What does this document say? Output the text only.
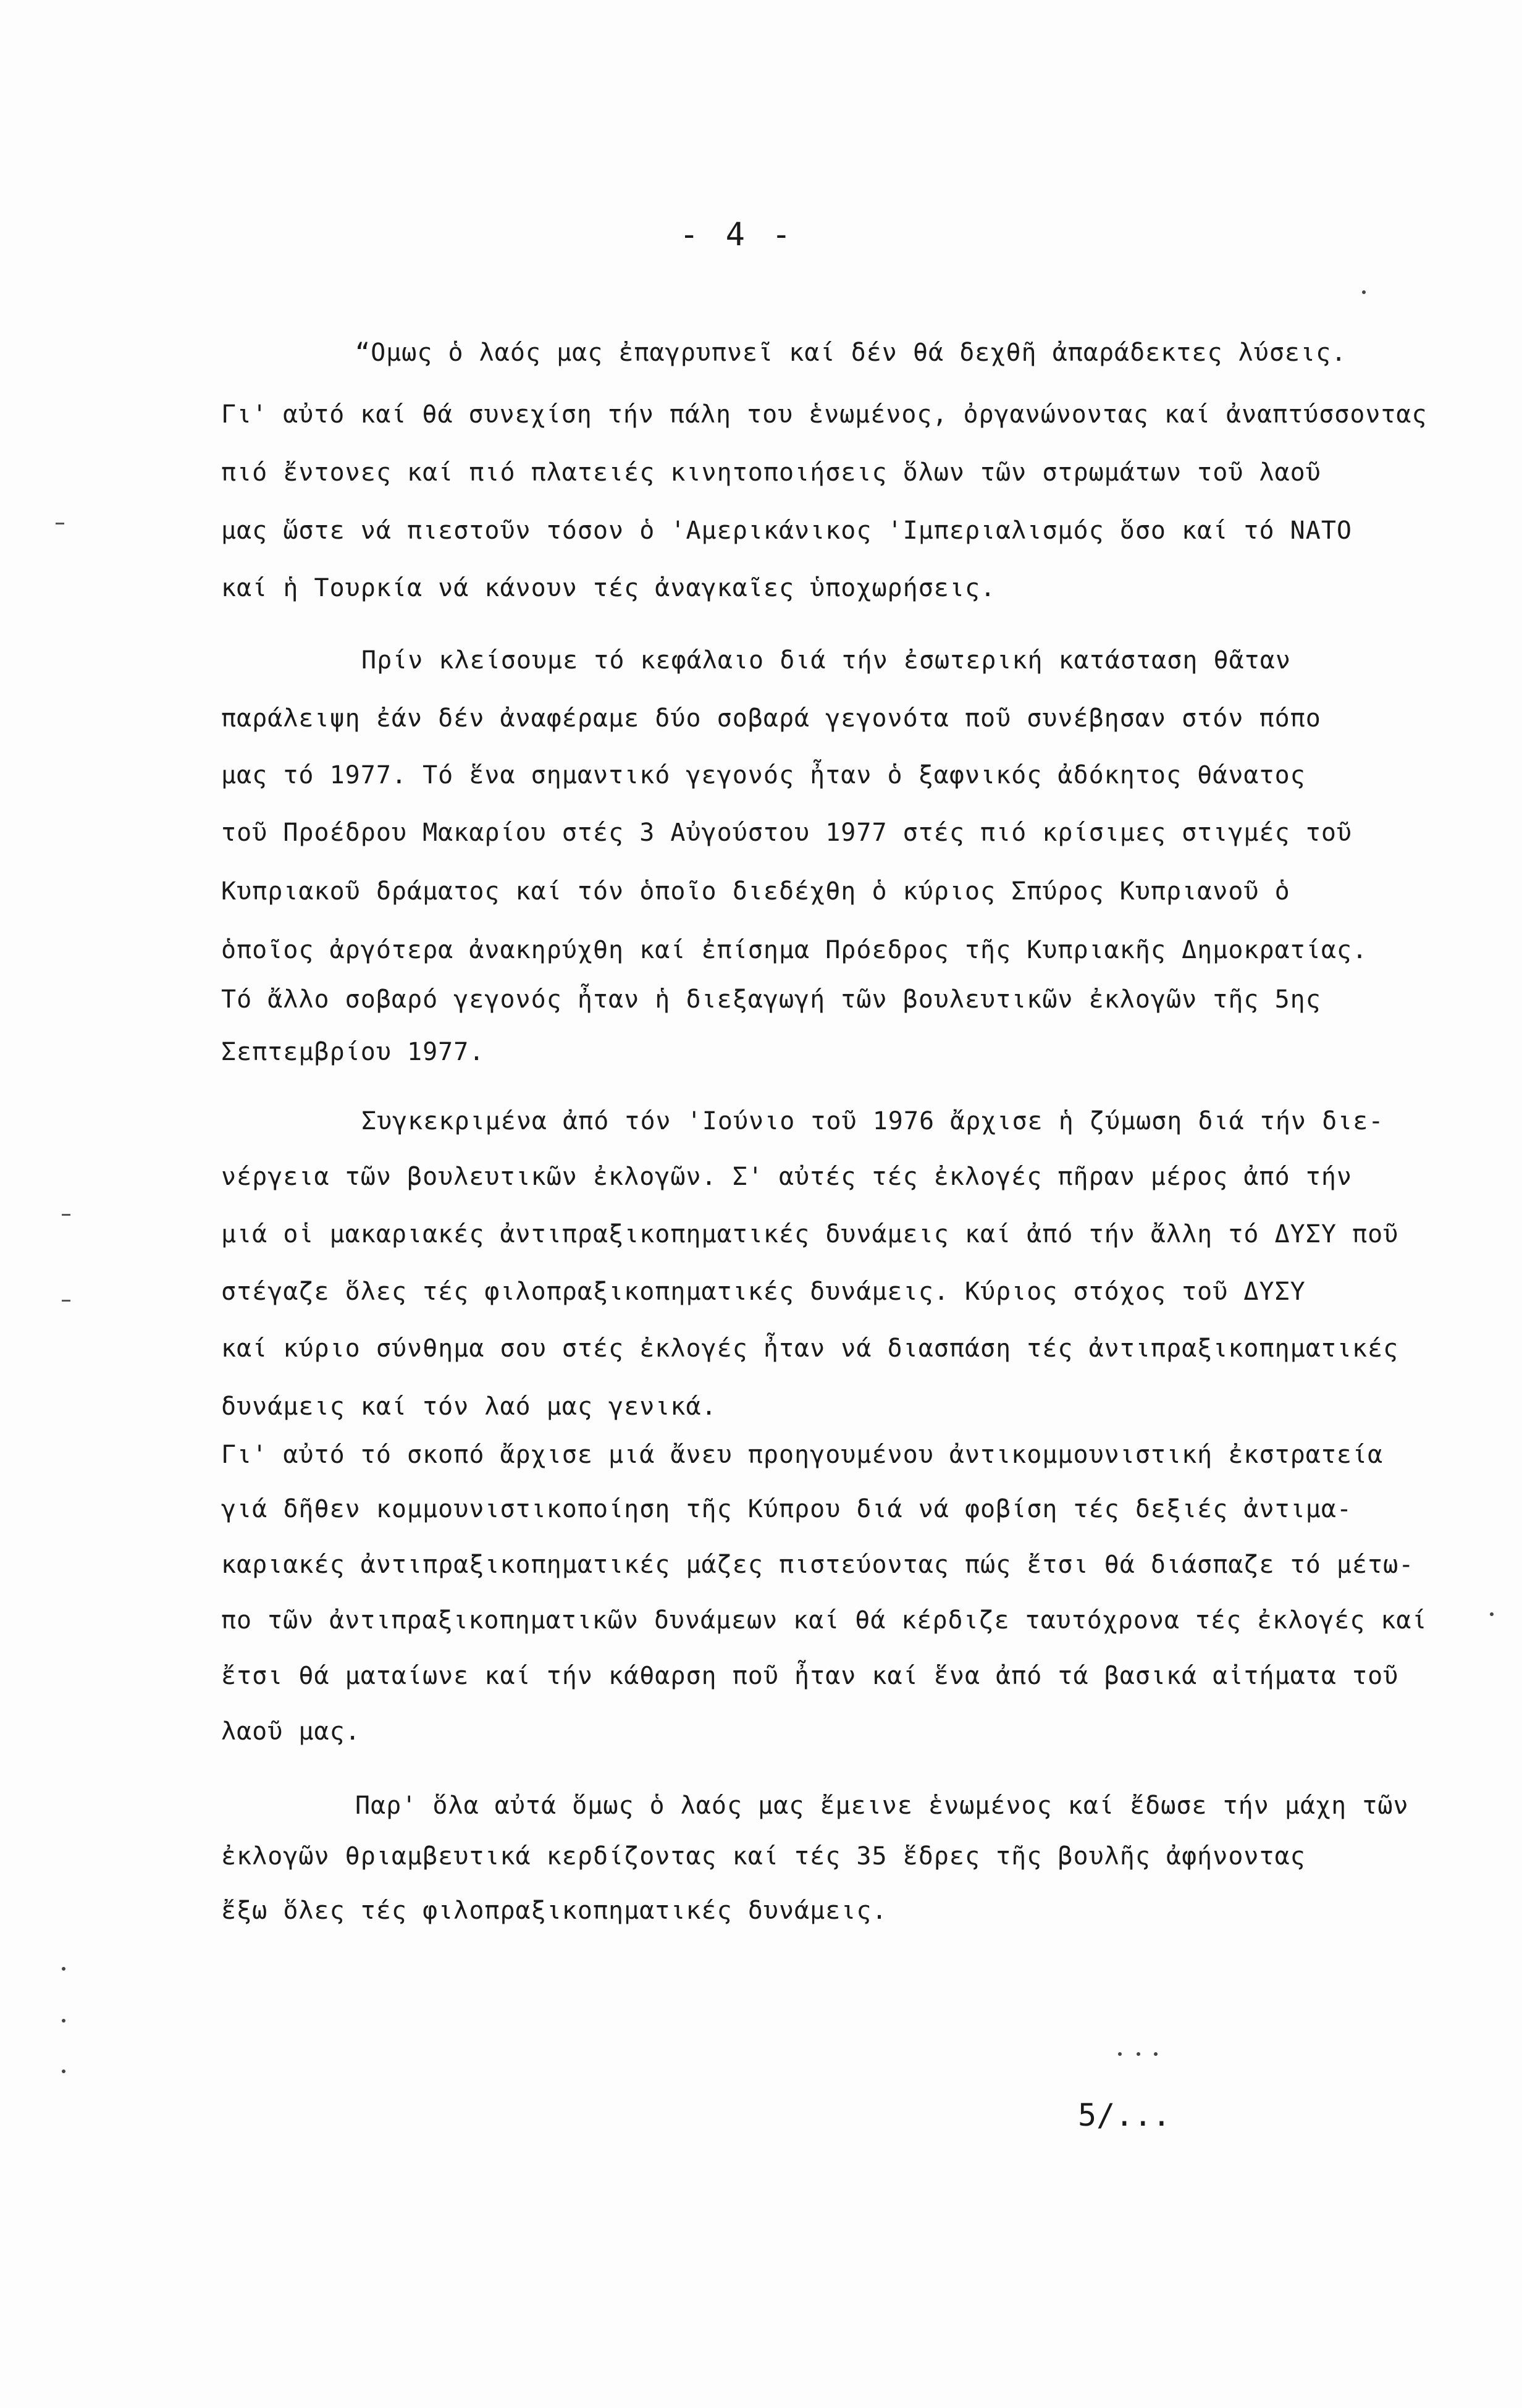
- 4 -
“Ομως ὁ λαός μας ἐπαγρυπνεῖ καί δέν θά δεχθῆ ἀπαράδεκτες λύσεις.
Γι' αὐτό καί θά συνεχίση τήν πάλη του ἑνωμένος, ὀργανώνοντας καί ἀναπτύσσοντας
πιό ἔντονες καί πιό πλατειές κινητοποιήσεις ὅλων τῶν στρωμάτων τοῦ λαοῦ
μας ὥστε νά πιεστοῦν τόσον ὁ 'Αμερικάνικος 'Ιμπεριαλισμός ὅσο καί τό ΝΑΤΟ
καί ἡ Τουρκία νά κάνουν τές ἀναγκαῖες ὑποχωρήσεις.
Πρίν κλείσουμε τό κεφάλαιο διά τήν ἐσωτερική κατάσταση θᾶταν
παράλειψη ἐάν δέν ἀναφέραμε δύο σοβαρά γεγονότα ποῦ συνέβησαν στόν πόπο
μας τό 1977. Τό ἕνα σημαντικό γεγονός ἦταν ὁ ξαφνικός ἀδόκητος θάνατος
τοῦ Προέδρου Μακαρίου στές 3 Αὐγούστου 1977 στές πιό κρίσιμες στιγμές τοῦ
Κυπριακοῦ δράματος καί τόν ὁποῖο διεδέχθη ὁ κύριος Σπύρος Κυπριανοῦ ὁ
ὁποῖος ἀργότερα ἀνακηρύχθη καί ἐπίσημα Πρόεδρος τῆς Κυπριακῆς Δημοκρατίας.
Τό ἄλλο σοβαρό γεγονός ἦταν ἡ διεξαγωγή τῶν βουλευτικῶν ἐκλογῶν τῆς 5ης
Σεπτεμβρίου 1977.
Συγκεκριμένα ἀπό τόν 'Ιούνιο τοῦ 1976 ἄρχισε ἡ ζύμωση διά τήν διε-
νέργεια τῶν βουλευτικῶν ἐκλογῶν. Σ' αὐτές τές ἐκλογές πῆραν μέρος ἀπό τήν
μιά οἱ μακαριακές ἀντιπραξικοπηματικές δυνάμεις καί ἀπό τήν ἄλλη τό ΔΥΣΥ ποῦ
στέγαζε ὅλες τές φιλοπραξικοπηματικές δυνάμεις. Κύριος στόχος τοῦ ΔΥΣΥ
καί κύριο σύνθημα σου στές ἐκλογές ἦταν νά διασπάση τές ἀντιπραξικοπηματικές
δυνάμεις καί τόν λαό μας γενικά.
Γι' αὐτό τό σκοπό ἄρχισε μιά ἄνευ προηγουμένου ἀντικομμουνιστική ἐκστρατεία
γιά δῆθεν κομμουνιστικοποίηση τῆς Κύπρου διά νά φοβίση τές δεξιές ἀντιμα-
καριακές ἀντιπραξικοπηματικές μάζες πιστεύοντας πώς ἔτσι θά διάσπαζε τό μέτω-
πο τῶν ἀντιπραξικοπηματικῶν δυνάμεων καί θά κέρδιζε ταυτόχρονα τές ἐκλογές καί
ἔτσι θά ματαίωνε καί τήν κάθαρση ποῦ ἦταν καί ἕνα ἀπό τά βασικά αἰτήματα τοῦ
λαοῦ μας.
Παρ' ὅλα αὐτά ὅμως ὁ λαός μας ἔμεινε ἑνωμένος καί ἔδωσε τήν μάχη τῶν
ἐκλογῶν θριαμβευτικά κερδίζοντας καί τές 35 ἕδρες τῆς βουλῆς ἀφήνοντας
ἔξω ὅλες τές φιλοπραξικοπηματικές δυνάμεις.
5/...
